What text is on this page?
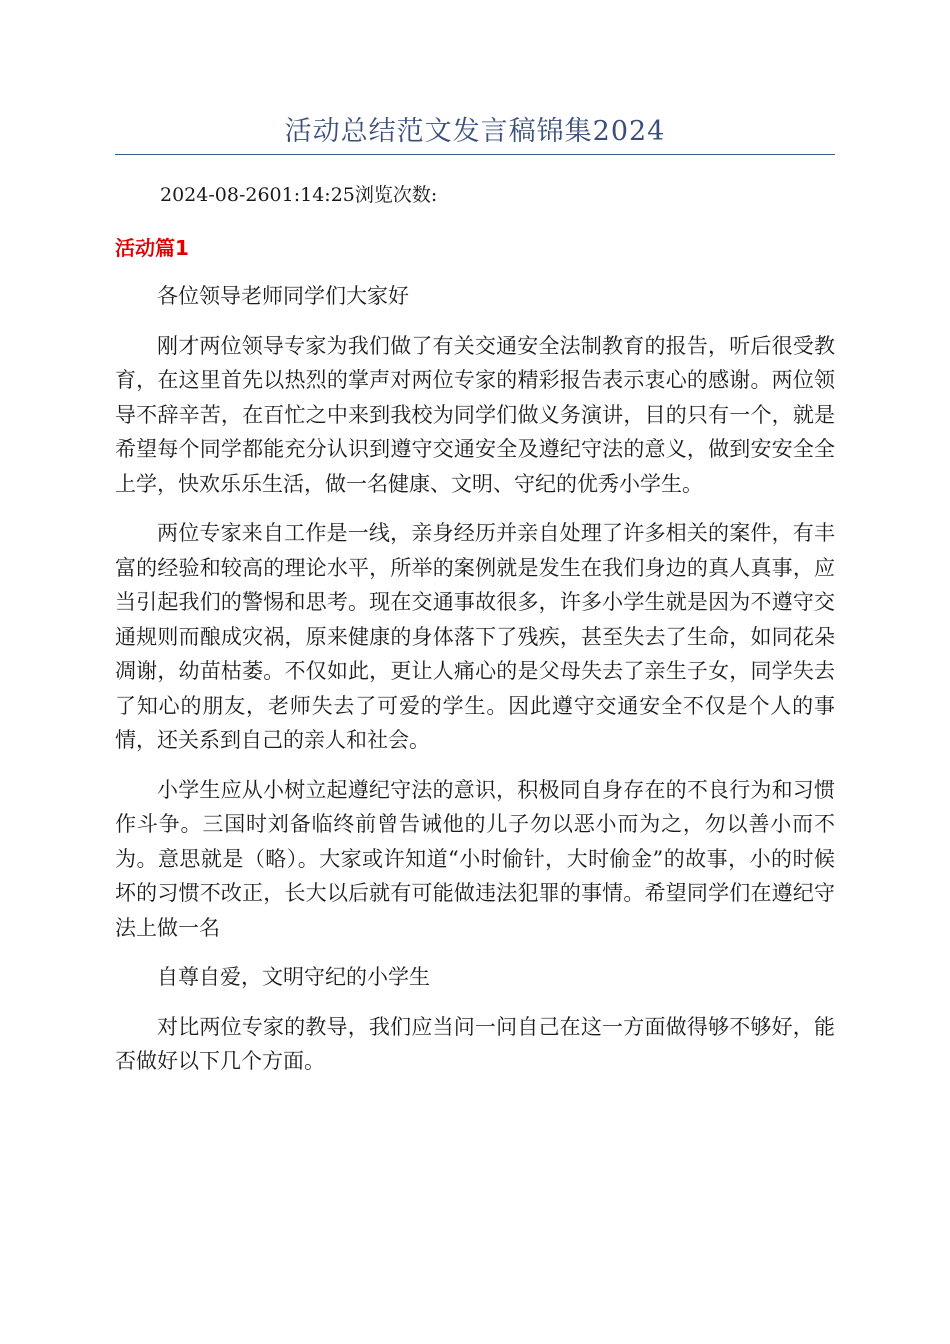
活动总结范文发言稿锦集2024
2024-08-2601:14:25浏览次数:
活动篇1

各位领导老师同学们大家好

刚才两位领导专家为我们做了有关交通安全法制教育的报告，听后很受教育，在这里首先以热烈的掌声对两位专家的精彩报告表示衷心的感谢。两位领导不辞辛苦，在百忙之中来到我校为同学们做义务演讲，目的只有一个，就是希望每个同学都能充分认识到遵守交通安全及遵纪守法的意义，做到安安全全上学，快欢乐乐生活，做一名健康、文明、守纪的优秀小学生。

两位专家来自工作是一线，亲身经历并亲自处理了许多相关的案件，有丰富的经验和较高的理论水平，所举的案例就是发生在我们身边的真人真事，应当引起我们的警惕和思考。现在交通事故很多，许多小学生就是因为不遵守交通规则而酿成灾祸，原来健康的身体落下了残疾，甚至失去了生命，如同花朵凋谢，幼苗枯萎。不仅如此，更让人痛心的是父母失去了亲生子女，同学失去了知心的朋友，老师失去了可爱的学生。因此遵守交通安全不仅是个人的事情，还关系到自己的亲人和社会。

小学生应从小树立起遵纪守法的意识，积极同自身存在的不良行为和习惯作斗争。三国时刘备临终前曾告诫他的儿子勿以恶小而为之，勿以善小而不为。意思就是（略）。大家或许知道“小时偷针，大时偷金”的故事，小的时候坏的习惯不改正，长大以后就有可能做违法犯罪的事情。希望同学们在遵纪守法上做一名

自尊自爱，文明守纪的小学生

对比两位专家的教导，我们应当问一问自己在这一方面做得够不够好，能否做好以下几个方面。
